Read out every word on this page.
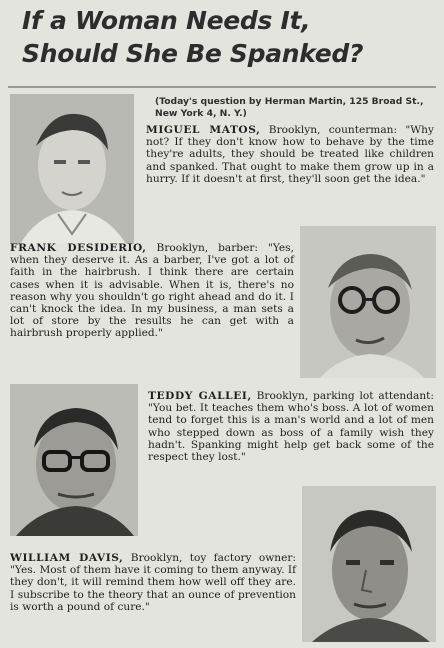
If a Woman Needs It,
Should She Be Spanked?
(Today's question by Herman Martin, 125 Broad St., New York 4, N. Y.)
MIGUEL MATOS, Brooklyn, counterman: "Why not? If they don't know how to behave by the time they're adults, they should be treated like children and spanked. That ought to make them grow up in a hurry. If it doesn't at first, they'll soon get the idea."
FRANK DESIDERIO, Brooklyn, barber: "Yes, when they deserve it. As a barber, I've got a lot of faith in the hairbrush. I think there are certain cases when it is advisable. When it is, there's no reason why you shouldn't go right ahead and do it. I can't knock the idea. In my business, a man sets a lot of store by the results he can get with a hairbrush properly applied."
TEDDY GALLEI, Brooklyn, parking lot attendant: "You bet. It teaches them who's boss. A lot of women tend to forget this is a man's world and a lot of men who stepped down as boss of a family wish they hadn't. Spanking might help get back some of the respect they lost."
WILLIAM DAVIS, Brooklyn, toy factory owner: "Yes. Most of them have it coming to them anyway. If they don't, it will remind them how well off they are. I subscribe to the theory that an ounce of prevention is worth a pound of cure."
